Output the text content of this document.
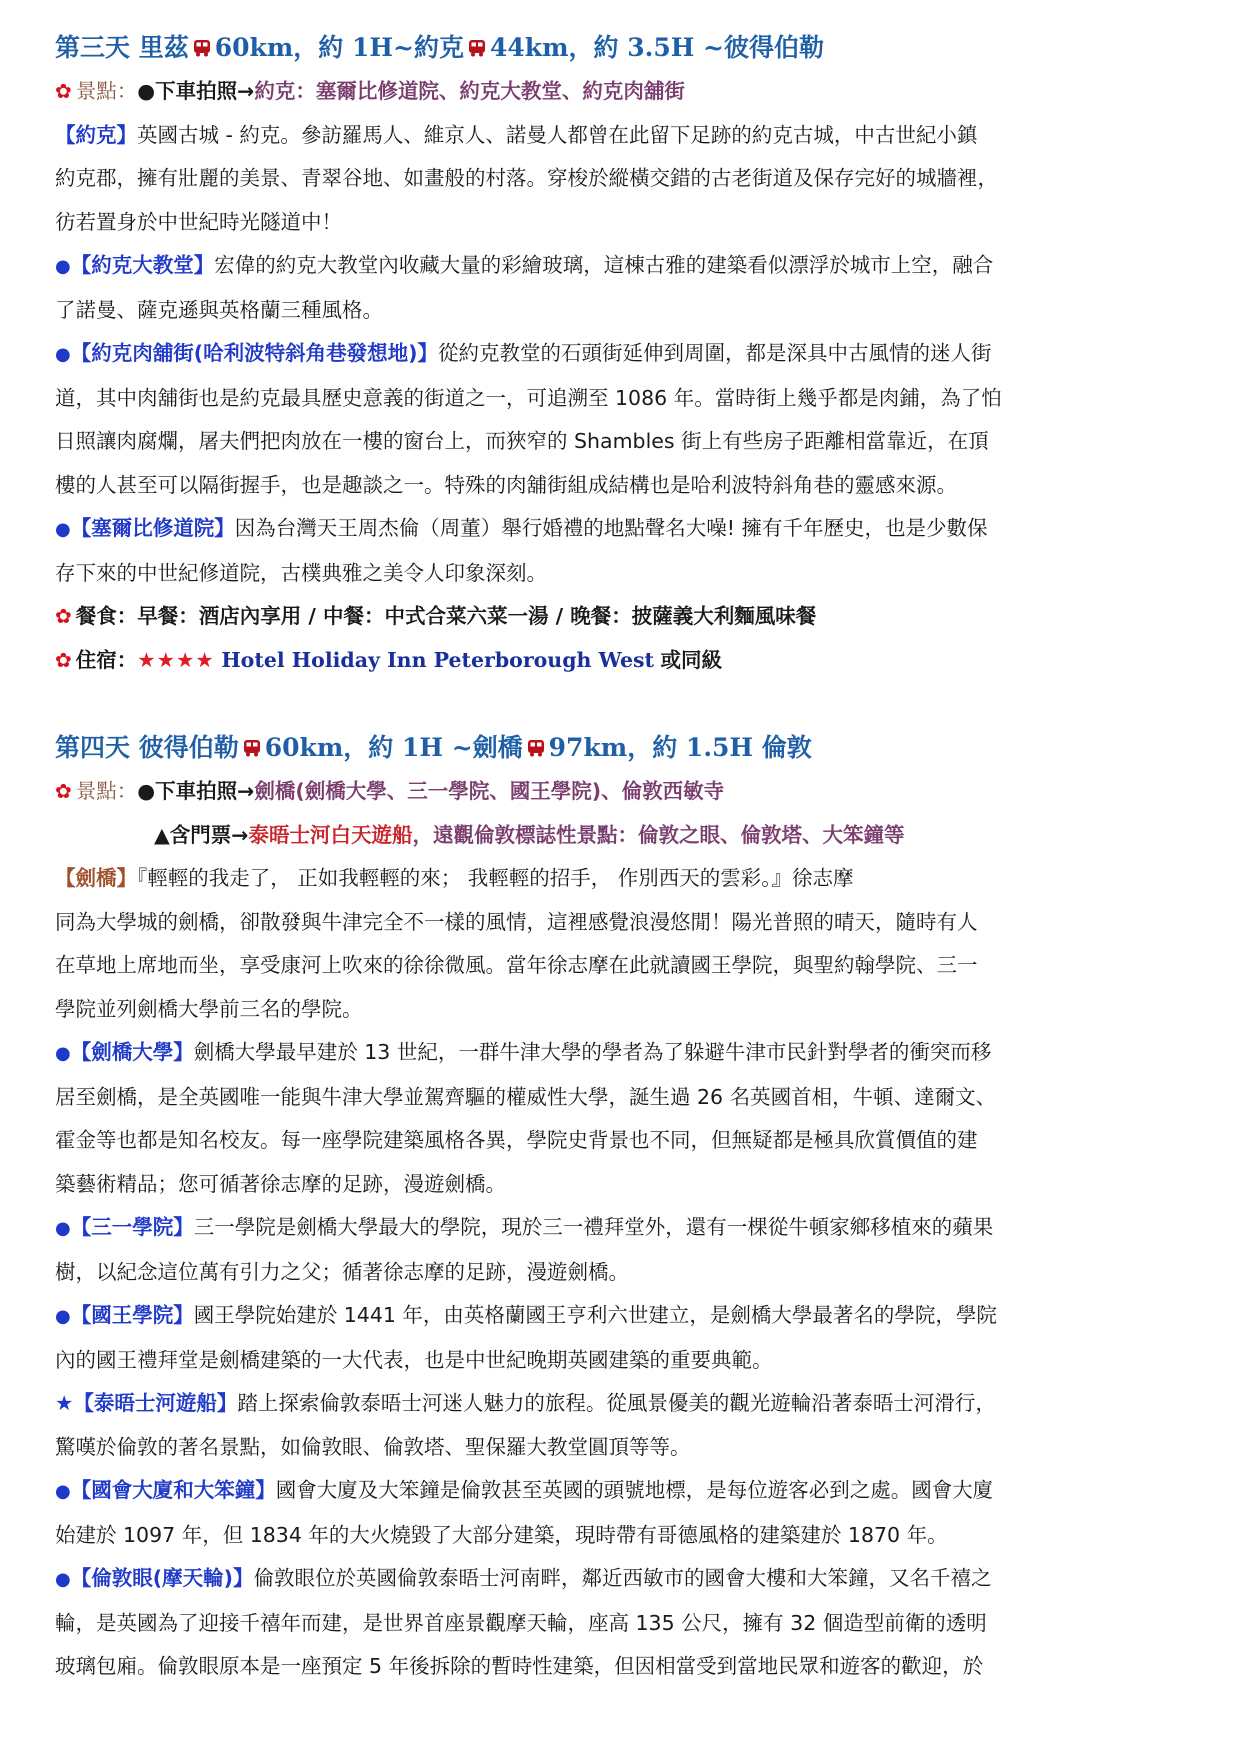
第三天 里茲 60km，約 1H~約克 44km，約 3.5H ~彼得伯勒
✿ 景點：●下車拍照→約克：塞爾比修道院、約克大教堂、約克肉舖街
【約克】英國古城 - 約克。參訪羅馬人、維京人、諾曼人都曾在此留下足跡的約克古城，中古世紀小鎮
約克郡，擁有壯麗的美景、青翠谷地、如畫般的村落。穿梭於縱橫交錯的古老街道及保存完好的城牆裡，
彷若置身於中世紀時光隧道中！
●【約克大教堂】宏偉的約克大教堂內收藏大量的彩繪玻璃，這棟古雅的建築看似漂浮於城市上空，融合
了諾曼、薩克遜與英格蘭三種風格。
●【約克肉舖街(哈利波特斜角巷發想地)】從約克教堂的石頭街延伸到周圍，都是深具中古風情的迷人街
道，其中肉舖街也是約克最具歷史意義的街道之一，可追溯至 1086 年。當時街上幾乎都是肉鋪，為了怕
日照讓肉腐爛，屠夫們把肉放在一樓的窗台上，而狹窄的 Shambles 街上有些房子距離相當靠近，在頂
樓的人甚至可以隔街握手，也是趣談之一。特殊的肉舖街組成結構也是哈利波特斜角巷的靈感來源。
●【塞爾比修道院】因為台灣天王周杰倫（周董）舉行婚禮的地點聲名大噪! 擁有千年歷史，也是少數保
存下來的中世紀修道院，古樸典雅之美令人印象深刻。
✿ 餐食：早餐：酒店內享用 / 中餐：中式合菜六菜一湯 / 晚餐：披薩義大利麵風味餐
✿ 住宿：★★★★ Hotel Holiday Inn Peterborough West 或同級
第四天 彼得伯勒 60km，約 1H ~劍橋 97km，約 1.5H 倫敦
✿ 景點：●下車拍照→劍橋(劍橋大學、三一學院、國王學院)、倫敦西敏寺
▲含門票→泰晤士河白天遊船，遠觀倫敦標誌性景點：倫敦之眼、倫敦塔、大笨鐘等
【劍橋】『輕輕的我走了， 正如我輕輕的來； 我輕輕的招手， 作別西天的雲彩。』徐志摩
同為大學城的劍橋，卻散發與牛津完全不一樣的風情，這裡感覺浪漫悠閒！陽光普照的晴天，隨時有人
在草地上席地而坐，享受康河上吹來的徐徐微風。當年徐志摩在此就讀國王學院，與聖約翰學院、三一
學院並列劍橋大學前三名的學院。
●【劍橋大學】劍橋大學最早建於 13 世紀，一群牛津大學的學者為了躲避牛津市民針對學者的衝突而移
居至劍橋，是全英國唯一能與牛津大學並駕齊驅的權威性大學，誕生過 26 名英國首相，牛頓、達爾文、
霍金等也都是知名校友。每一座學院建築風格各異，學院史背景也不同，但無疑都是極具欣賞價值的建
築藝術精品；您可循著徐志摩的足跡，漫遊劍橋。
●【三一學院】三一學院是劍橋大學最大的學院，現於三一禮拜堂外，還有一棵從牛頓家鄉移植來的蘋果
樹，以紀念這位萬有引力之父；循著徐志摩的足跡，漫遊劍橋。
●【國王學院】國王學院始建於 1441 年，由英格蘭國王亨利六世建立，是劍橋大學最著名的學院，學院
內的國王禮拜堂是劍橋建築的一大代表，也是中世紀晚期英國建築的重要典範。
★【泰晤士河遊船】踏上探索倫敦泰晤士河迷人魅力的旅程。從風景優美的觀光遊輪沿著泰晤士河滑行，
驚嘆於倫敦的著名景點，如倫敦眼、倫敦塔、聖保羅大教堂圓頂等等。
●【國會大廈和大笨鐘】國會大廈及大笨鐘是倫敦甚至英國的頭號地標，是每位遊客必到之處。國會大廈
始建於 1097 年，但 1834 年的大火燒毀了大部分建築，現時帶有哥德風格的建築建於 1870 年。
●【倫敦眼(摩天輪)】倫敦眼位於英國倫敦泰晤士河南畔，鄰近西敏市的國會大樓和大笨鐘，又名千禧之
輪，是英國為了迎接千禧年而建，是世界首座景觀摩天輪，座高 135 公尺，擁有 32 個造型前衛的透明
玻璃包廂。倫敦眼原本是一座預定 5 年後拆除的暫時性建築，但因相當受到當地民眾和遊客的歡迎，於
